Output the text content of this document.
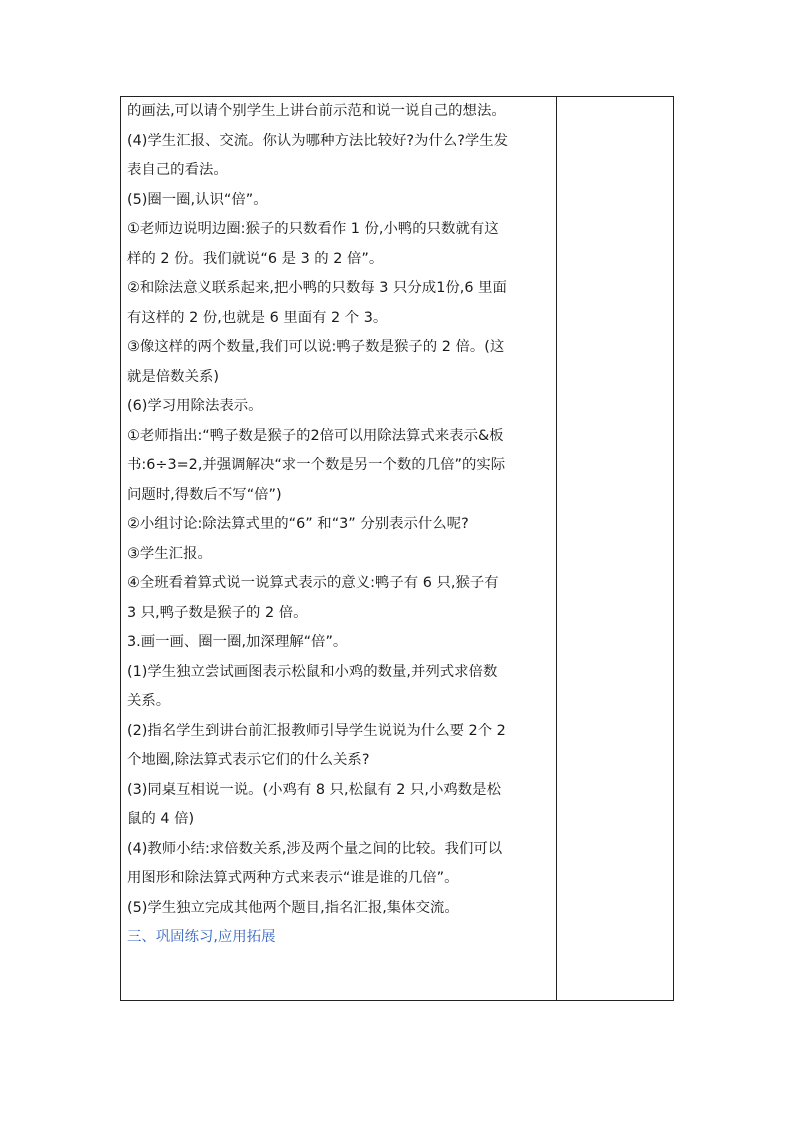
的画法,可以请个别学生上讲台前示范和说一说自己的想法。
(4)学生汇报、交流。你认为哪种方法比较好?为什么?学生发
表自己的看法。
(5)圈一圈,认识“倍”。
①老师边说明边圈:猴子的只数看作 1 份,小鸭的只数就有这
样的 2 份。我们就说“6 是 3 的 2 倍”。
②和除法意义联系起来,把小鸭的只数每 3 只分成1份,6 里面
有这样的 2 份,也就是 6 里面有 2 个 3。
③像这样的两个数量,我们可以说:鸭子数是猴子的 2 倍。(这
就是倍数关系)
(6)学习用除法表示。
①老师指出:“鸭子数是猴子的2倍可以用除法算式来表示&板
书:6÷3=2,并强调解决“求一个数是另一个数的几倍”的实际
问题时,得数后不写“倍”)
②小组讨论:除法算式里的“6” 和“3” 分别表示什么呢?
③学生汇报。
④全班看着算式说一说算式表示的意义:鸭子有 6 只,猴子有
3 只,鸭子数是猴子的 2 倍。
3.画一画、圈一圈,加深理解“倍”。
(1)学生独立尝试画图表示松鼠和小鸡的数量,并列式求倍数
关系。
(2)指名学生到讲台前汇报教师引导学生说说为什么要 2个 2
个地圈,除法算式表示它们的什么关系?
(3)同桌互相说一说。(小鸡有 8 只,松鼠有 2 只,小鸡数是松
鼠的 4 倍)
(4)教师小结:求倍数关系,涉及两个量之间的比较。我们可以
用图形和除法算式两种方式来表示“谁是谁的几倍”。
(5)学生独立完成其他两个题目,指名汇报,集体交流。
三、巩固练习,应用拓展
